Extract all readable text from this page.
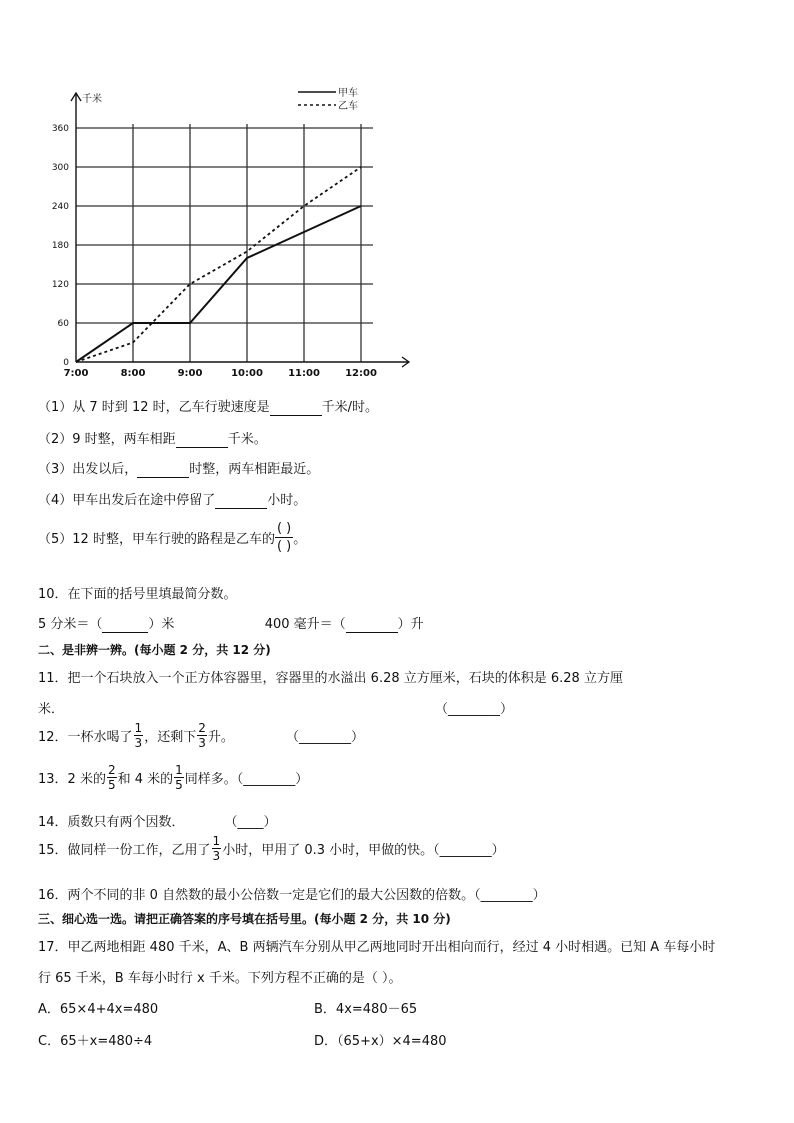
千米
0
60
120
180
240
300
360
7:00	8:00	9:00	10:00	11:00	12:00
甲车
乙车
（1）从 7 时到 12 时，乙车行驶速度是	千米/时。
（2）9 时整，两车相距	千米。
（3）出发以后，	时整，两车相距最近。
（4）甲车出发后在途中停留了	小时。
（5）12 时整，甲车行驶的路程是乙车的
( )
( ) 。
10．在下面的括号里填最简分数。
5 分米＝（	）米	400 毫升＝（	）升
二、是非辨一辨。(每小题 2 分，共 12 分)
11．把一个石块放入一个正方体容器里，容器里的水溢出 6.28 立方厘米，石块的体积是 6.28 立方厘
米．	（________）
12．一杯水喝了 $\frac{1}{3}$ ，还剩下 $\frac{2}{3}$ 升。	（________）
13．2 米的 $\frac{2}{5}$ 和 4 米的 $\frac{1}{5}$ 同样多。（________）
14．质数只有两个因数．	（____）
15．做同样一份工作，乙用了 $\frac{1}{3}$ 小时，甲用了 0.3 小时，甲做的快。（________）
16．两个不同的非 0 自然数的最小公倍数一定是它们的最大公因数的倍数。（________）
三、细心选一选。请把正确答案的序号填在括号里。(每小题 2 分，共 10 分)
17．甲乙两地相距 480 千米，A、B 两辆汽车分别从甲乙两地同时开出相向而行，经过 4 小时相遇。已知 A 车每小时
行 65 千米，B 车每小时行 x 千米。下列方程不正确的是（ ）。
A．65×4+4x=480	B．4x=480－65
C．65＋x=480÷4	D．（65+x）×4=480
